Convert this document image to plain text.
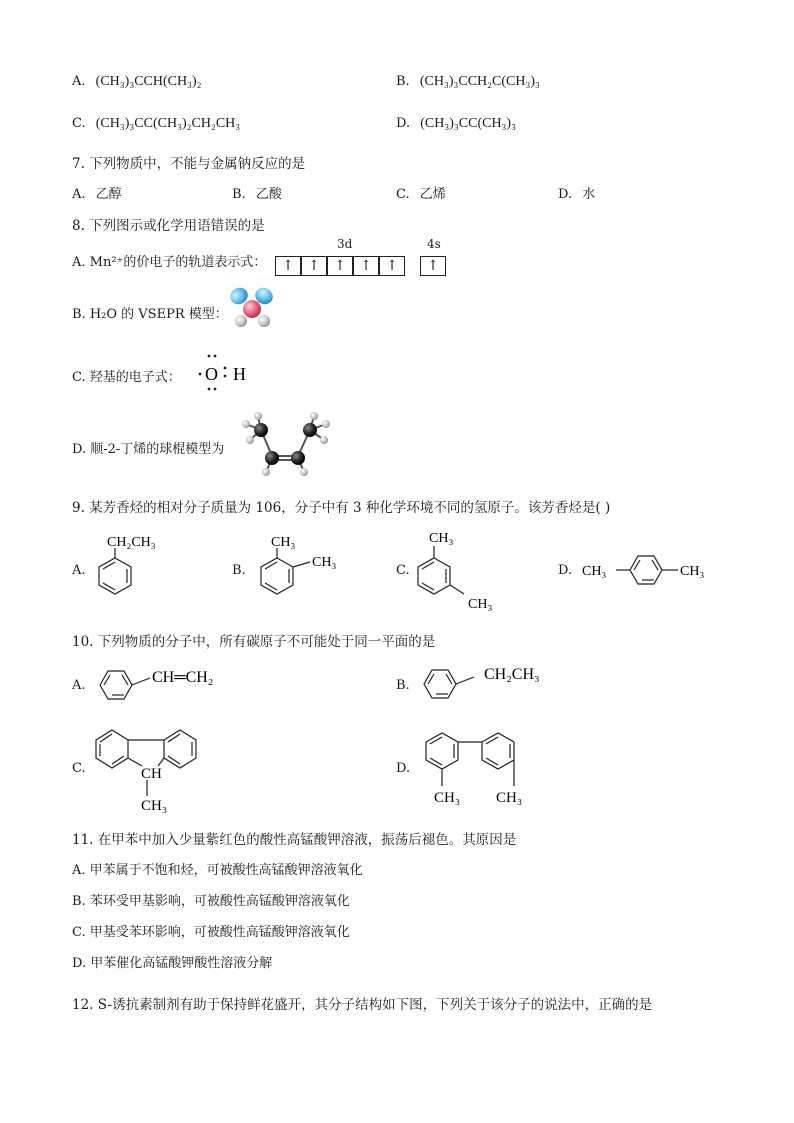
A. (CH₃)₃CCH(CH₃)₂	B. (CH₃)₃CCH₂C(CH₃)₃
C. (CH₃)₃CC(CH₃)₂CH₂CH₃	D. (CH₃)₃CC(CH₃)₃
7. 下列物质中，不能与金属钠反应的是
A. 乙醇	B. 乙酸	C. 乙烯	D. 水
8. 下列图示或化学用语错误的是
A. Mn²⁺的价电子的轨道表示式：
3d	4s
↑ ↑ ↑ ↑ ↑ ↑
B. H₂O 的 VSEPR 模型：
C. 羟基的电子式： O H
D. 顺-2-丁烯的球棍模型为
9. 某芳香烃的相对分子质量为 106，分子中有 3 种化学环境不同的氢原子。该芳香烃是( )
A.
CH₂CH₃
B.
CH₃
CH₃
C.
CH₃
CH₃
D. CH₃	CH₃
10. 下列物质的分子中，所有碳原子不可能处于同一平面的是
A.	CH═CH₂	B.
CH₂CH₃
C.	CH
CH₃
D.
CH₃ CH₃
11. 在甲苯中加入少量紫红色的酸性高锰酸钾溶液，振荡后褪色。其原因是
A. 甲苯属于不饱和烃，可被酸性高锰酸钾溶液氧化
B. 苯环受甲基影响，可被酸性高锰酸钾溶液氧化
C. 甲基受苯环影响，可被酸性高锰酸钾溶液氧化
D. 甲苯催化高锰酸钾酸性溶液分解
12. S-诱抗素制剂有助于保持鲜花盛开，其分子结构如下图，下列关于该分子的说法中，正确的是
